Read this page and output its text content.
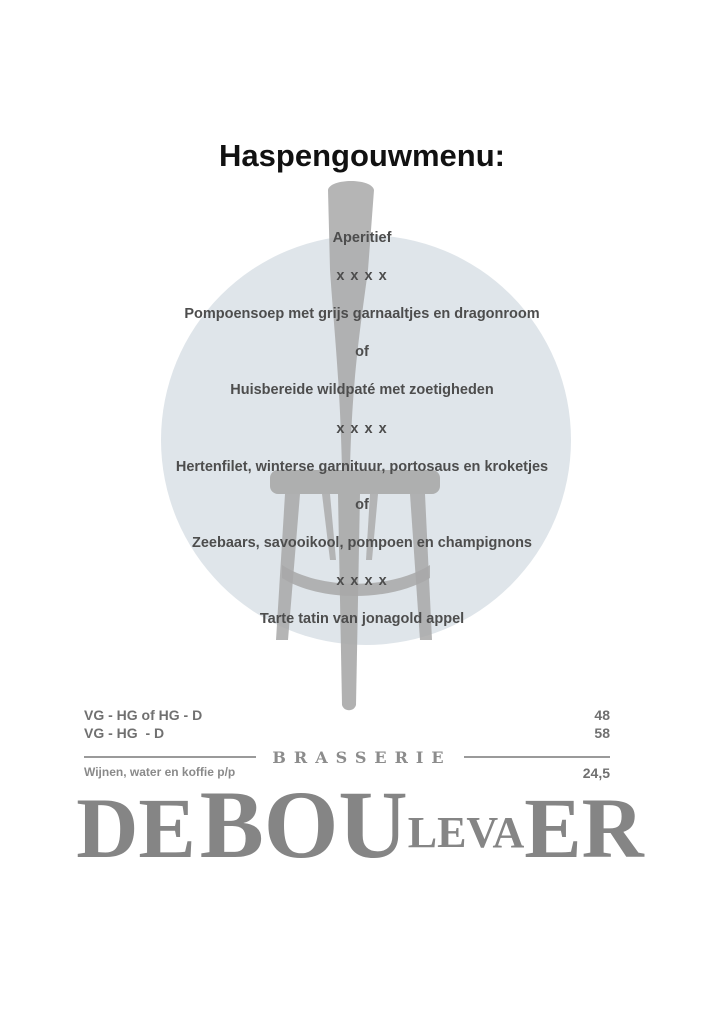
Haspengouwmenu:
Aperitief
x x x x
Pompoensoep met grijs garnaaltjes en dragonroom
of
Huisbereide wildpaté met zoetigheden
x x x x
Hertenfilet, winterse garnituur, portosaus en kroketjes
of
Zeebaars, savooikool, pompoen en champignons
x x x x
Tarte tatin van jonagold appel
VG - HG of HG - D	48
VG - HG  - D	58
BRASSERIE
Wijnen, water en koffie p/p	24,5
DE BOULEVAER
